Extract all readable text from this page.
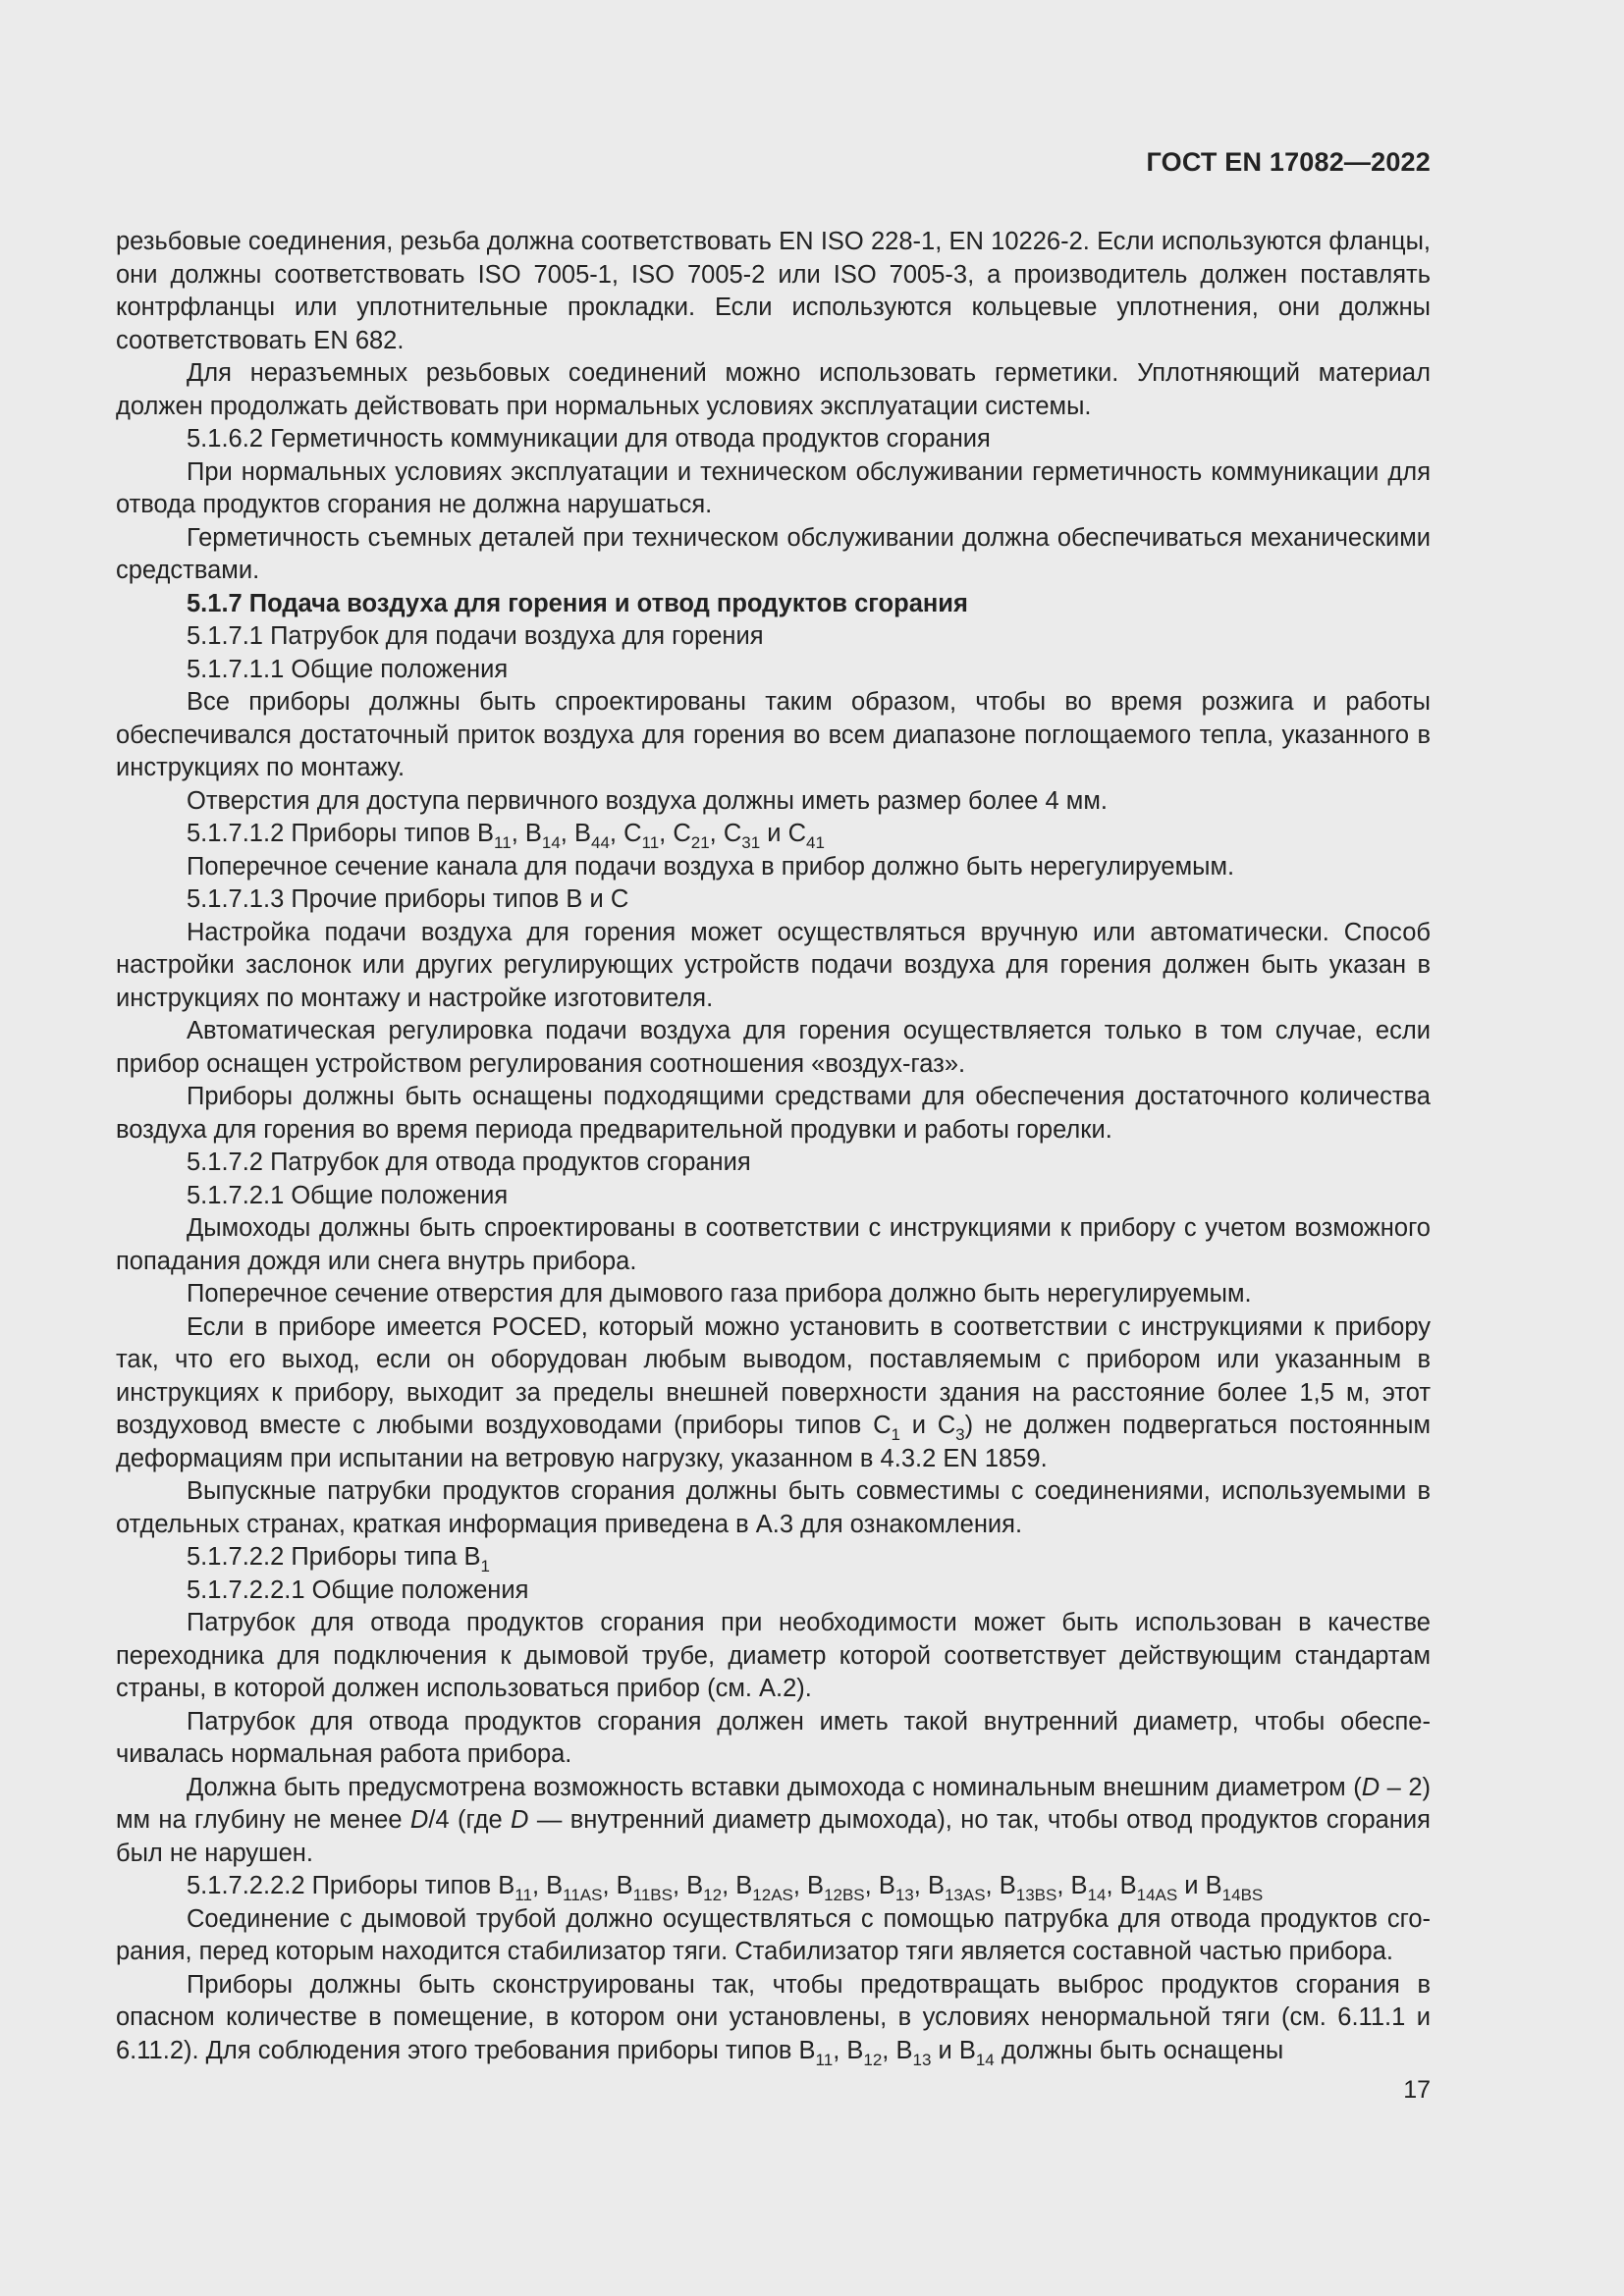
ГОСТ EN 17082—2022

резьбовые соединения, резьба должна соответствовать EN ISO 228-1, EN 10226-2. Если используются фланцы, они должны соответствовать ISO 7005-1, ISO 7005-2 или ISO 7005-3, а производитель должен поставлять контрфланцы или уплотнительные прокладки. Если используются кольцевые уплотнения, они должны соответствовать EN 682.

Для неразъемных резьбовых соединений можно использовать герметики. Уплотняющий материал должен продолжать действовать при нормальных условиях эксплуатации системы.

5.1.6.2 Герметичность коммуникации для отвода продуктов сгорания

При нормальных условиях эксплуатации и техническом обслуживании герметичность коммуникации для отвода продуктов сгорания не должна нарушаться.

Герметичность съемных деталей при техническом обслуживании должна обеспечиваться механическими средствами.

5.1.7 Подача воздуха для горения и отвод продуктов сгорания

5.1.7.1 Патрубок для подачи воздуха для горения

5.1.7.1.1 Общие положения

Все приборы должны быть спроектированы таким образом, чтобы во время розжига и работы обеспечивался достаточный приток воздуха для горения во всем диапазоне поглощаемого тепла, указанного в инструкциях по монтажу.

Отверстия для доступа первичного воздуха должны иметь размер более 4 мм.

5.1.7.1.2 Приборы типов $B_{11}$, $B_{14}$, $B_{44}$, $C_{11}$, $C_{21}$, $C_{31}$ и $C_{41}$

Поперечное сечение канала для подачи воздуха в прибор должно быть нерегулируемым.

5.1.7.1.3 Прочие приборы типов B и C

Настройка подачи воздуха для горения может осуществляться вручную или автоматически. Способ настройки заслонок или других регулирующих устройств подачи воздуха для горения должен быть указан в инструкциях по монтажу и настройке изготовителя.

Автоматическая регулировка подачи воздуха для горения осуществляется только в том случае, если прибор оснащен устройством регулирования соотношения «воздух-газ».

Приборы должны быть оснащены подходящими средствами для обеспечения достаточного количества воздуха для горения во время периода предварительной продувки и работы горелки.

5.1.7.2 Патрубок для отвода продуктов сгорания

5.1.7.2.1 Общие положения

Дымоходы должны быть спроектированы в соответствии с инструкциями к прибору с учетом возможного попадания дождя или снега внутрь прибора.

Поперечное сечение отверстия для дымового газа прибора должно быть нерегулируемым.

Если в приборе имеется POCED, который можно установить в соответствии с инструкциями к прибору так, что его выход, если он оборудован любым выводом, поставляемым с прибором или указанным в инструкциях к прибору, выходит за пределы внешней поверхности здания на расстояние более 1,5 м, этот воздуховод вместе с любыми воздуховодами (приборы типов $C_1$ и $C_3$) не должен подвергаться постоянным деформациям при испытании на ветровую нагрузку, указанном в 4.3.2 EN 1859.

Выпускные патрубки продуктов сгорания должны быть совместимы с соединениями, используемыми в отдельных странах, краткая информация приведена в А.3 для ознакомления.

5.1.7.2.2 Приборы типа $B_1$

5.1.7.2.2.1 Общие положения

Патрубок для отвода продуктов сгорания при необходимости может быть использован в качестве переходника для подключения к дымовой трубе, диаметр которой соответствует действующим стандартам страны, в которой должен использоваться прибор (см. А.2).

Патрубок для отвода продуктов сгорания должен иметь такой внутренний диаметр, чтобы обеспечивалась нормальная работа прибора.

Должна быть предусмотрена возможность вставки дымохода с номинальным внешним диаметром (D – 2) мм на глубину не менее D/4 (где D — внутренний диаметр дымохода), но так, чтобы отвод продуктов сгорания был не нарушен.

5.1.7.2.2.2 Приборы типов $B_{11}$, $B_{11AS}$, $B_{11BS}$, $B_{12}$, $B_{12AS}$, $B_{12BS}$, $B_{13}$, $B_{13AS}$, $B_{13BS}$, $B_{14}$, $B_{14AS}$ и $B_{14BS}$

Соединение с дымовой трубой должно осуществляться с помощью патрубка для отвода продуктов сгорания, перед которым находится стабилизатор тяги. Стабилизатор тяги является составной частью прибора.

Приборы должны быть сконструированы так, чтобы предотвращать выброс продуктов сгорания в опасном количестве в помещение, в котором они установлены, в условиях ненормальной тяги (см. 6.11.1 и 6.11.2). Для соблюдения этого требования приборы типов $B_{11}$, $B_{12}$, $B_{13}$ и $B_{14}$ должны быть оснащены

17
